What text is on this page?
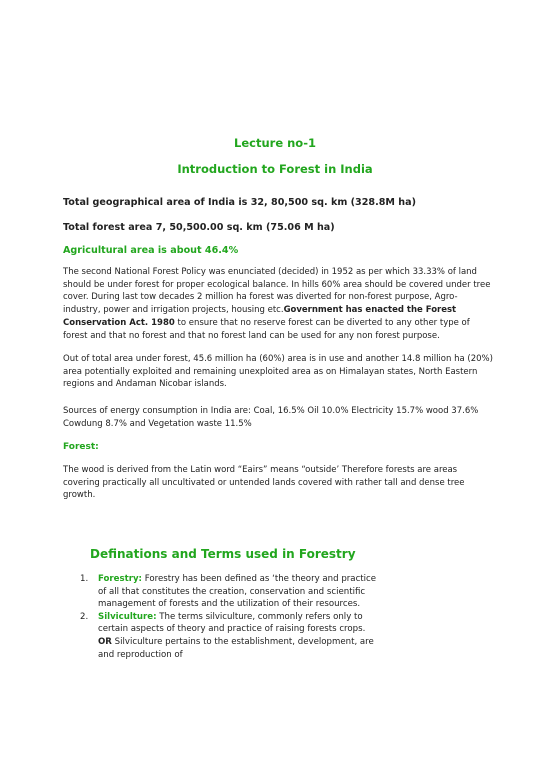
Lecture no-1
Introduction to Forest in India
Total geographical area of India is 32, 80,500 sq. km (328.8M ha)
Total forest area 7, 50,500.00 sq. km (75.06 M ha)
Agricultural area is about 46.4%

The second National Forest Policy was enunciated (decided) in 1952 as per which 33.33% of land should be under forest for proper ecological balance. In hills 60% area should be covered under tree cover. During last tow decades 2 million ha forest was diverted for non-forest purpose, Agro-industry, power and irrigation projects, housing etc.Government has enacted the Forest Conservation Act. 1980 to ensure that no reserve forest can be diverted to any other type of forest and that no forest and that no forest land can be used for any non forest purpose.

Out of total area under forest, 45.6 million ha (60%) area is in use and another 14.8 million ha (20%) area potentially exploited and remaining unexploited area as on Himalayan states, North Eastern regions and Andaman Nicobar islands.

Sources of energy consumption in India are: Coal, 16.5% Oil 10.0% Electricity 15.7% wood 37.6% Cowdung 8.7% and Vegetation waste 11.5%

Forest:

The wood is derived from the Latin word “Eairs” means “outside’ Therefore forests are areas covering practically all uncultivated or untended lands covered with rather tall and dense tree growth.

Definations and Terms used in Forestry
1. Forestry: Forestry has been defined as ‘the theory and practice of all that constitutes the creation, conservation and scientific management of forests and the utilization of their resources.
2. Silviculture: The terms silviculture, commonly refers only to certain aspects of theory and practice of raising forests crops. OR Silviculture pertains to the establishment, development, are and reproduction of
